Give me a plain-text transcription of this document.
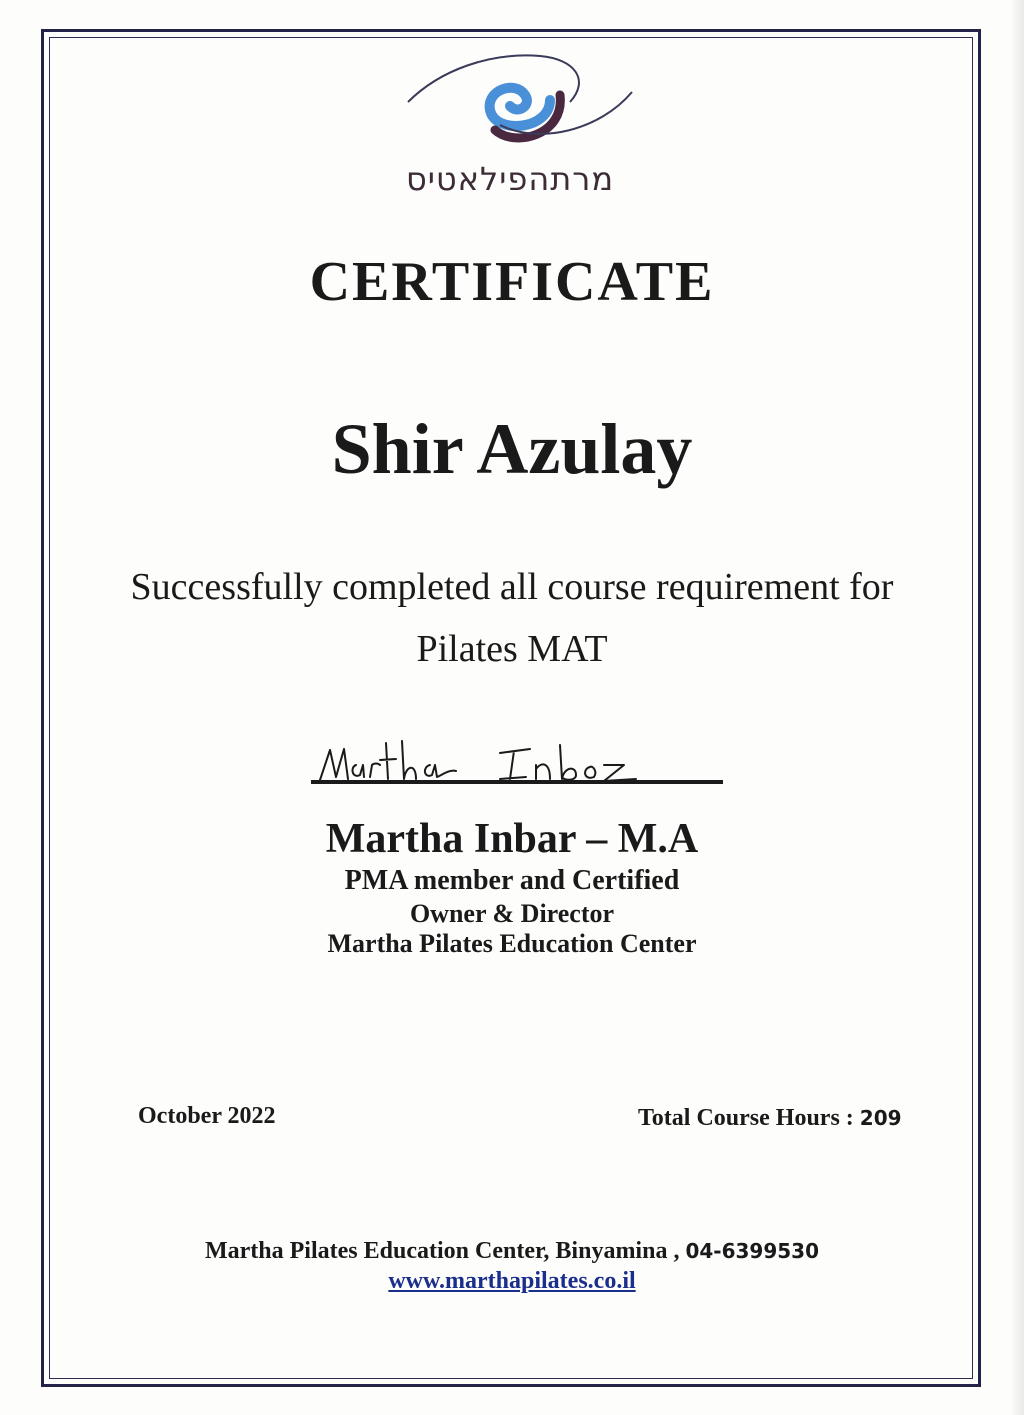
מרתהפילאטיס
CERTIFICATE
Shir Azulay
Successfully completed all course requirement for
Pilates MAT
Martha Inbar – M.A
PMA member and Certified
Owner & Director
Martha Pilates Education Center
October 2022	Total Course Hours : 209
Martha Pilates Education Center, Binyamina , 04-6399530
www.marthapilates.co.il
